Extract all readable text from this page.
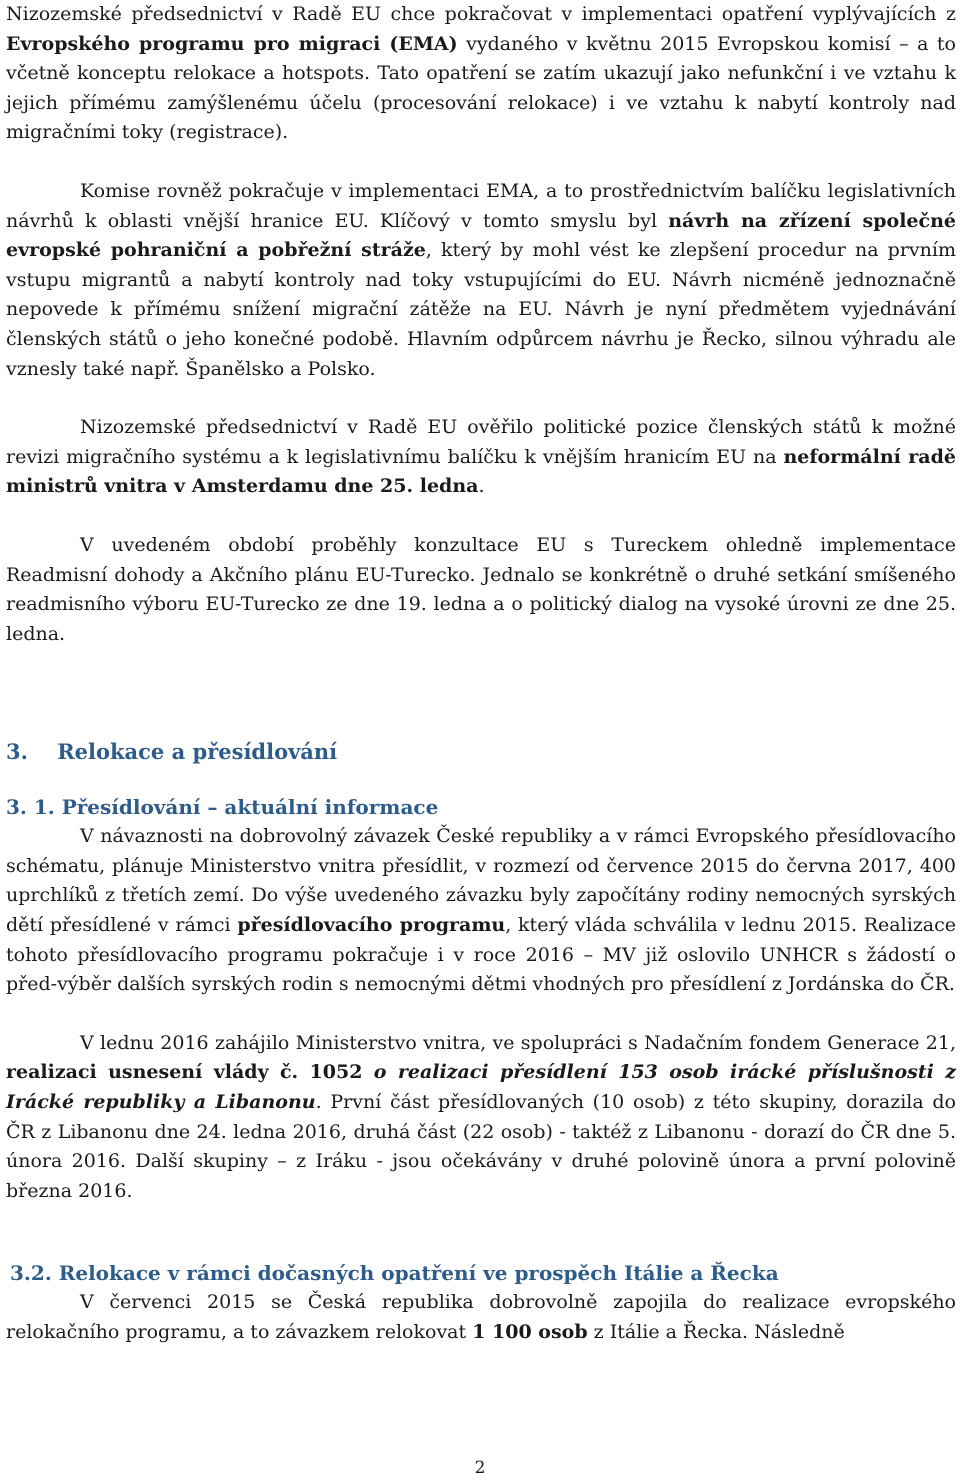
Nizozemské předsednictví v Radě EU chce pokračovat v implementaci opatření vyplývajících z Evropského programu pro migraci (EMA) vydaného v květnu 2015 Evropskou komisí – a to včetně konceptu relokace a hotspots. Tato opatření se zatím ukazují jako nefunkční i ve vztahu k jejich přímému zamýšlenému účelu (procesování relokace) i ve vztahu k nabytí kontroly nad migračními toky (registrace).

Komise rovněž pokračuje v implementaci EMA, a to prostřednictvím balíčku legislativních návrhů k oblasti vnější hranice EU. Klíčový v tomto smyslu byl návrh na zřízení společné evropské pohraniční a pobřežní stráže, který by mohl vést ke zlepšení procedur na prvním vstupu migrantů a nabytí kontroly nad toky vstupujícími do EU. Návrh nicméně jednoznačně nepovede k přímému snížení migrační zátěže na EU. Návrh je nyní předmětem vyjednávání členských států o jeho konečné podobě. Hlavním odpůrcem návrhu je Řecko, silnou výhradu ale vznesly také např. Španělsko a Polsko.

Nizozemské předsednictví v Radě EU ověřilo politické pozice členských států k možné revizi migračního systému a k legislativnímu balíčku k vnějším hranicím EU na neformální radě ministrů vnitra v Amsterdamu dne 25. ledna.

V uvedeném období proběhly konzultace EU s Tureckem ohledně implementace Readmisní dohody a Akčního plánu EU-Turecko. Jednalo se konkrétně o druhé setkání smíšeného readmisního výboru EU-Turecko ze dne 19. ledna a o politický dialog na vysoké úrovni ze dne 25. ledna.

3. Relokace a přesídlování
3. 1. Přesídlování – aktuální informace

V návaznosti na dobrovolný závazek České republiky a v rámci Evropského přesídlovacího schématu, plánuje Ministerstvo vnitra přesídlit, v rozmezí od července 2015 do června 2017, 400 uprchlíků z třetích zemí. Do výše uvedeného závazku byly započítány rodiny nemocných syrských dětí přesídlené v rámci přesídlovacího programu, který vláda schválila v lednu 2015. Realizace tohoto přesídlovacího programu pokračuje i v roce 2016 – MV již oslovilo UNHCR s žádostí o před-výběr dalších syrských rodin s nemocnými dětmi vhodných pro přesídlení z Jordánska do ČR.

V lednu 2016 zahájilo Ministerstvo vnitra, ve spolupráci s Nadačním fondem Generace 21, realizaci usnesení vlády č. 1052 o realizaci přesídlení 153 osob irácké příslušnosti z Irácké republiky a Libanonu. První část přesídlovaných (10 osob) z této skupiny, dorazila do ČR z Libanonu dne 24. ledna 2016, druhá část (22 osob) - taktéž z Libanonu - dorazí do ČR dne 5. února 2016. Další skupiny – z Iráku - jsou očekávány v druhé polovině února a první polovině března 2016.

3.2. Relokace v rámci dočasných opatření ve prospěch Itálie a Řecka

V červenci 2015 se Česká republika dobrovolně zapojila do realizace evropského relokačního programu, a to závazkem relokovat 1 100 osob z Itálie a Řecka. Následně

2
